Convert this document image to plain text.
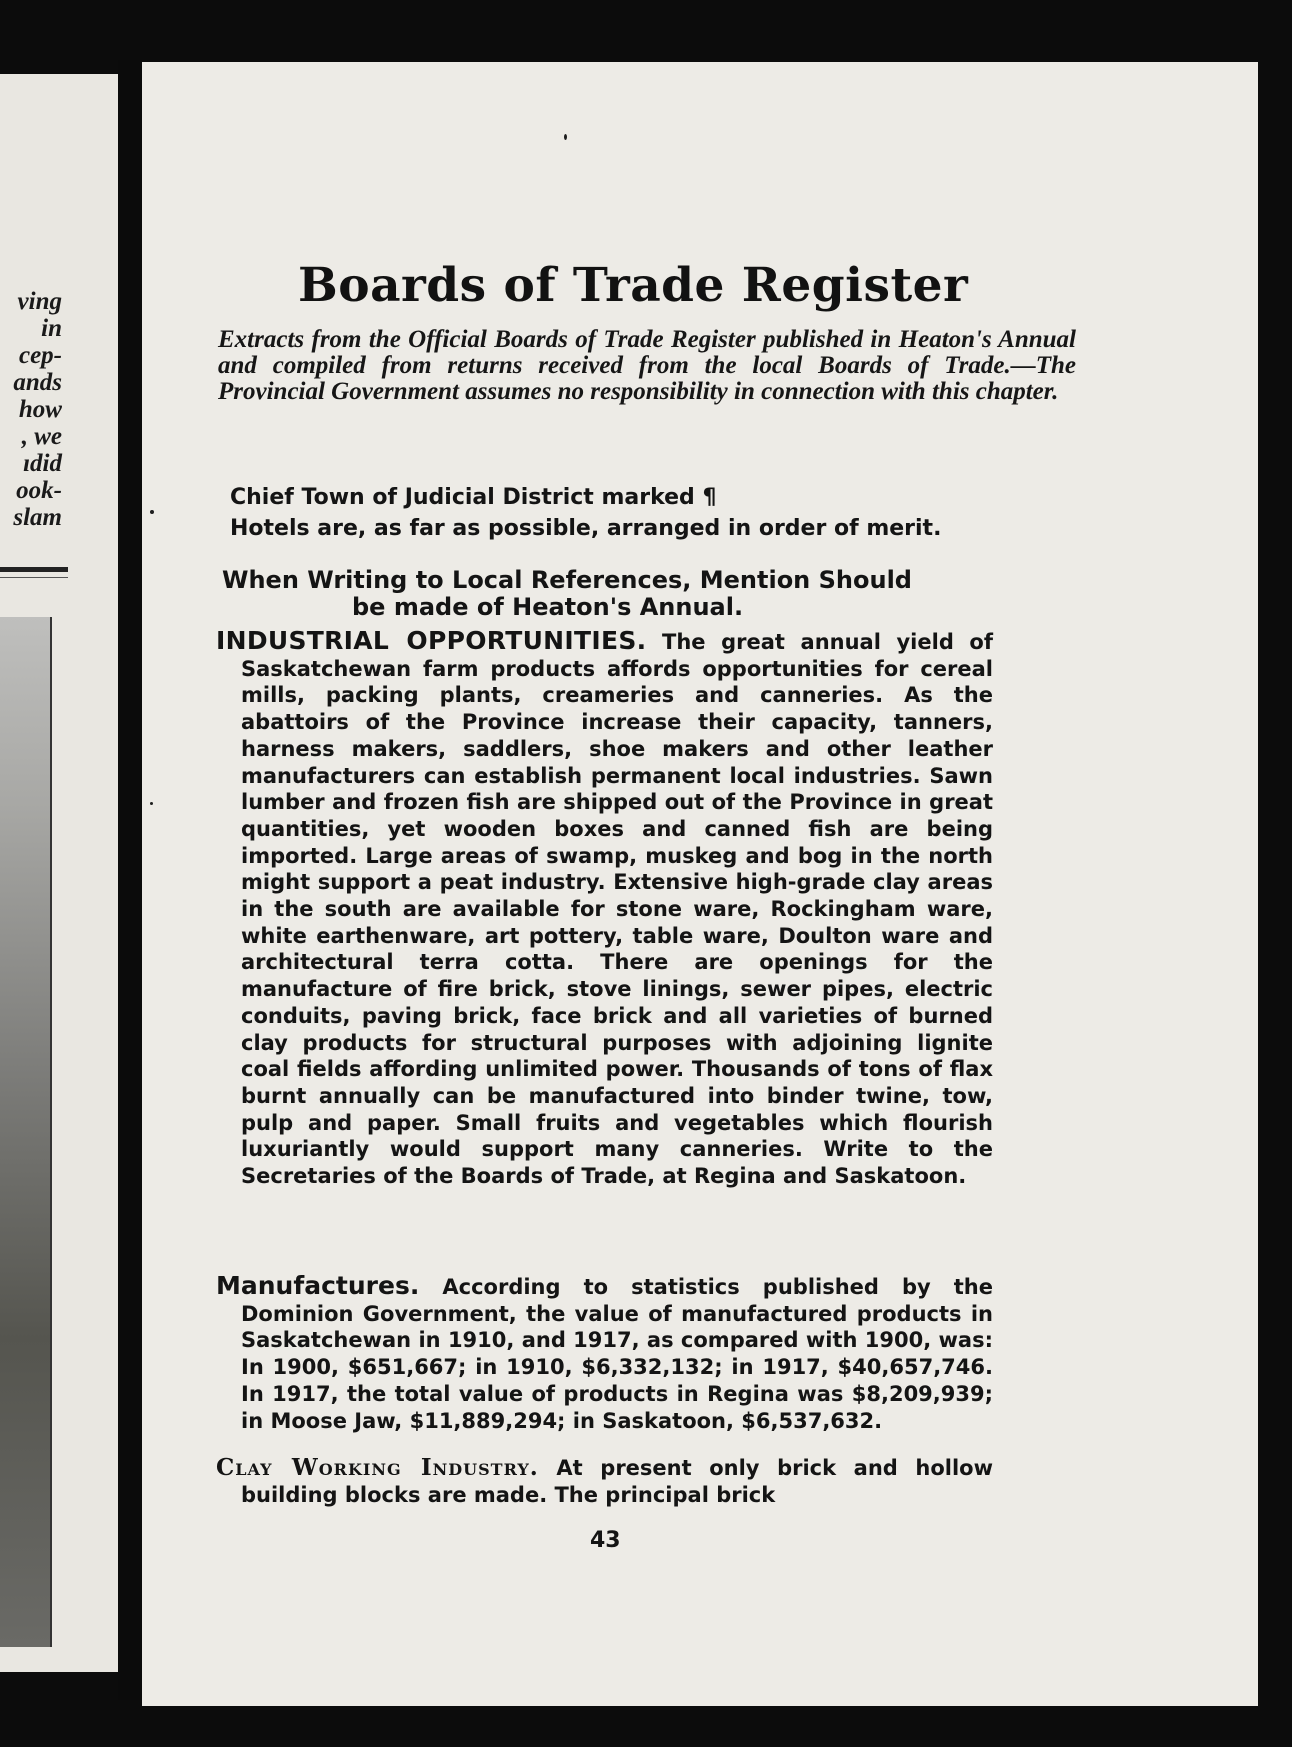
ving
in
cep-
ands
how
, we
ıdid
ook-
slam
Boards of Trade Register
Extracts from the Official Boards of Trade Register published in Heaton's Annual and compiled from returns received from the local Boards of Trade.—The Provincial Government assumes no responsibility in connection with this chapter.
Chief Town of Judicial District marked ¶
Hotels are, as far as possible, arranged in order of merit.
When Writing to Local References, Mention Should
be made of Heaton's Annual.
INDUSTRIAL OPPORTUNITIES. The great annual yield of Saskatchewan farm products affords opportunities for cereal mills, packing plants, creameries and canneries. As the abattoirs of the Province increase their capacity, tanners, harness makers, saddlers, shoe makers and other leather manufacturers can establish permanent local industries. Sawn lumber and frozen fish are shipped out of the Province in great quantities, yet wooden boxes and canned fish are being imported. Large areas of swamp, muskeg and bog in the north might support a peat industry. Extensive high-grade clay areas in the south are available for stone ware, Rockingham ware, white earthenware, art pottery, table ware, Doulton ware and architectural terra cotta. There are openings for the manufacture of fire brick, stove linings, sewer pipes, electric conduits, paving brick, face brick and all varieties of burned clay products for structural purposes with adjoining lignite coal fields affording unlimited power. Thousands of tons of flax burnt annually can be manufactured into binder twine, tow, pulp and paper. Small fruits and vegetables which flourish luxuriantly would support many canneries. Write to the Secretaries of the Boards of Trade, at Regina and Saskatoon.
Manufactures. According to statistics published by the Dominion Government, the value of manufactured products in Saskatchewan in 1910, and 1917, as compared with 1900, was: In 1900, $651,667; in 1910, $6,332,132; in 1917, $40,657,746. In 1917, the total value of products in Regina was $8,209,939; in Moose Jaw, $11,889,294; in Saskatoon, $6,537,632.
Clay Working Industry. At present only brick and hollow building blocks are made. The principal brick
43
